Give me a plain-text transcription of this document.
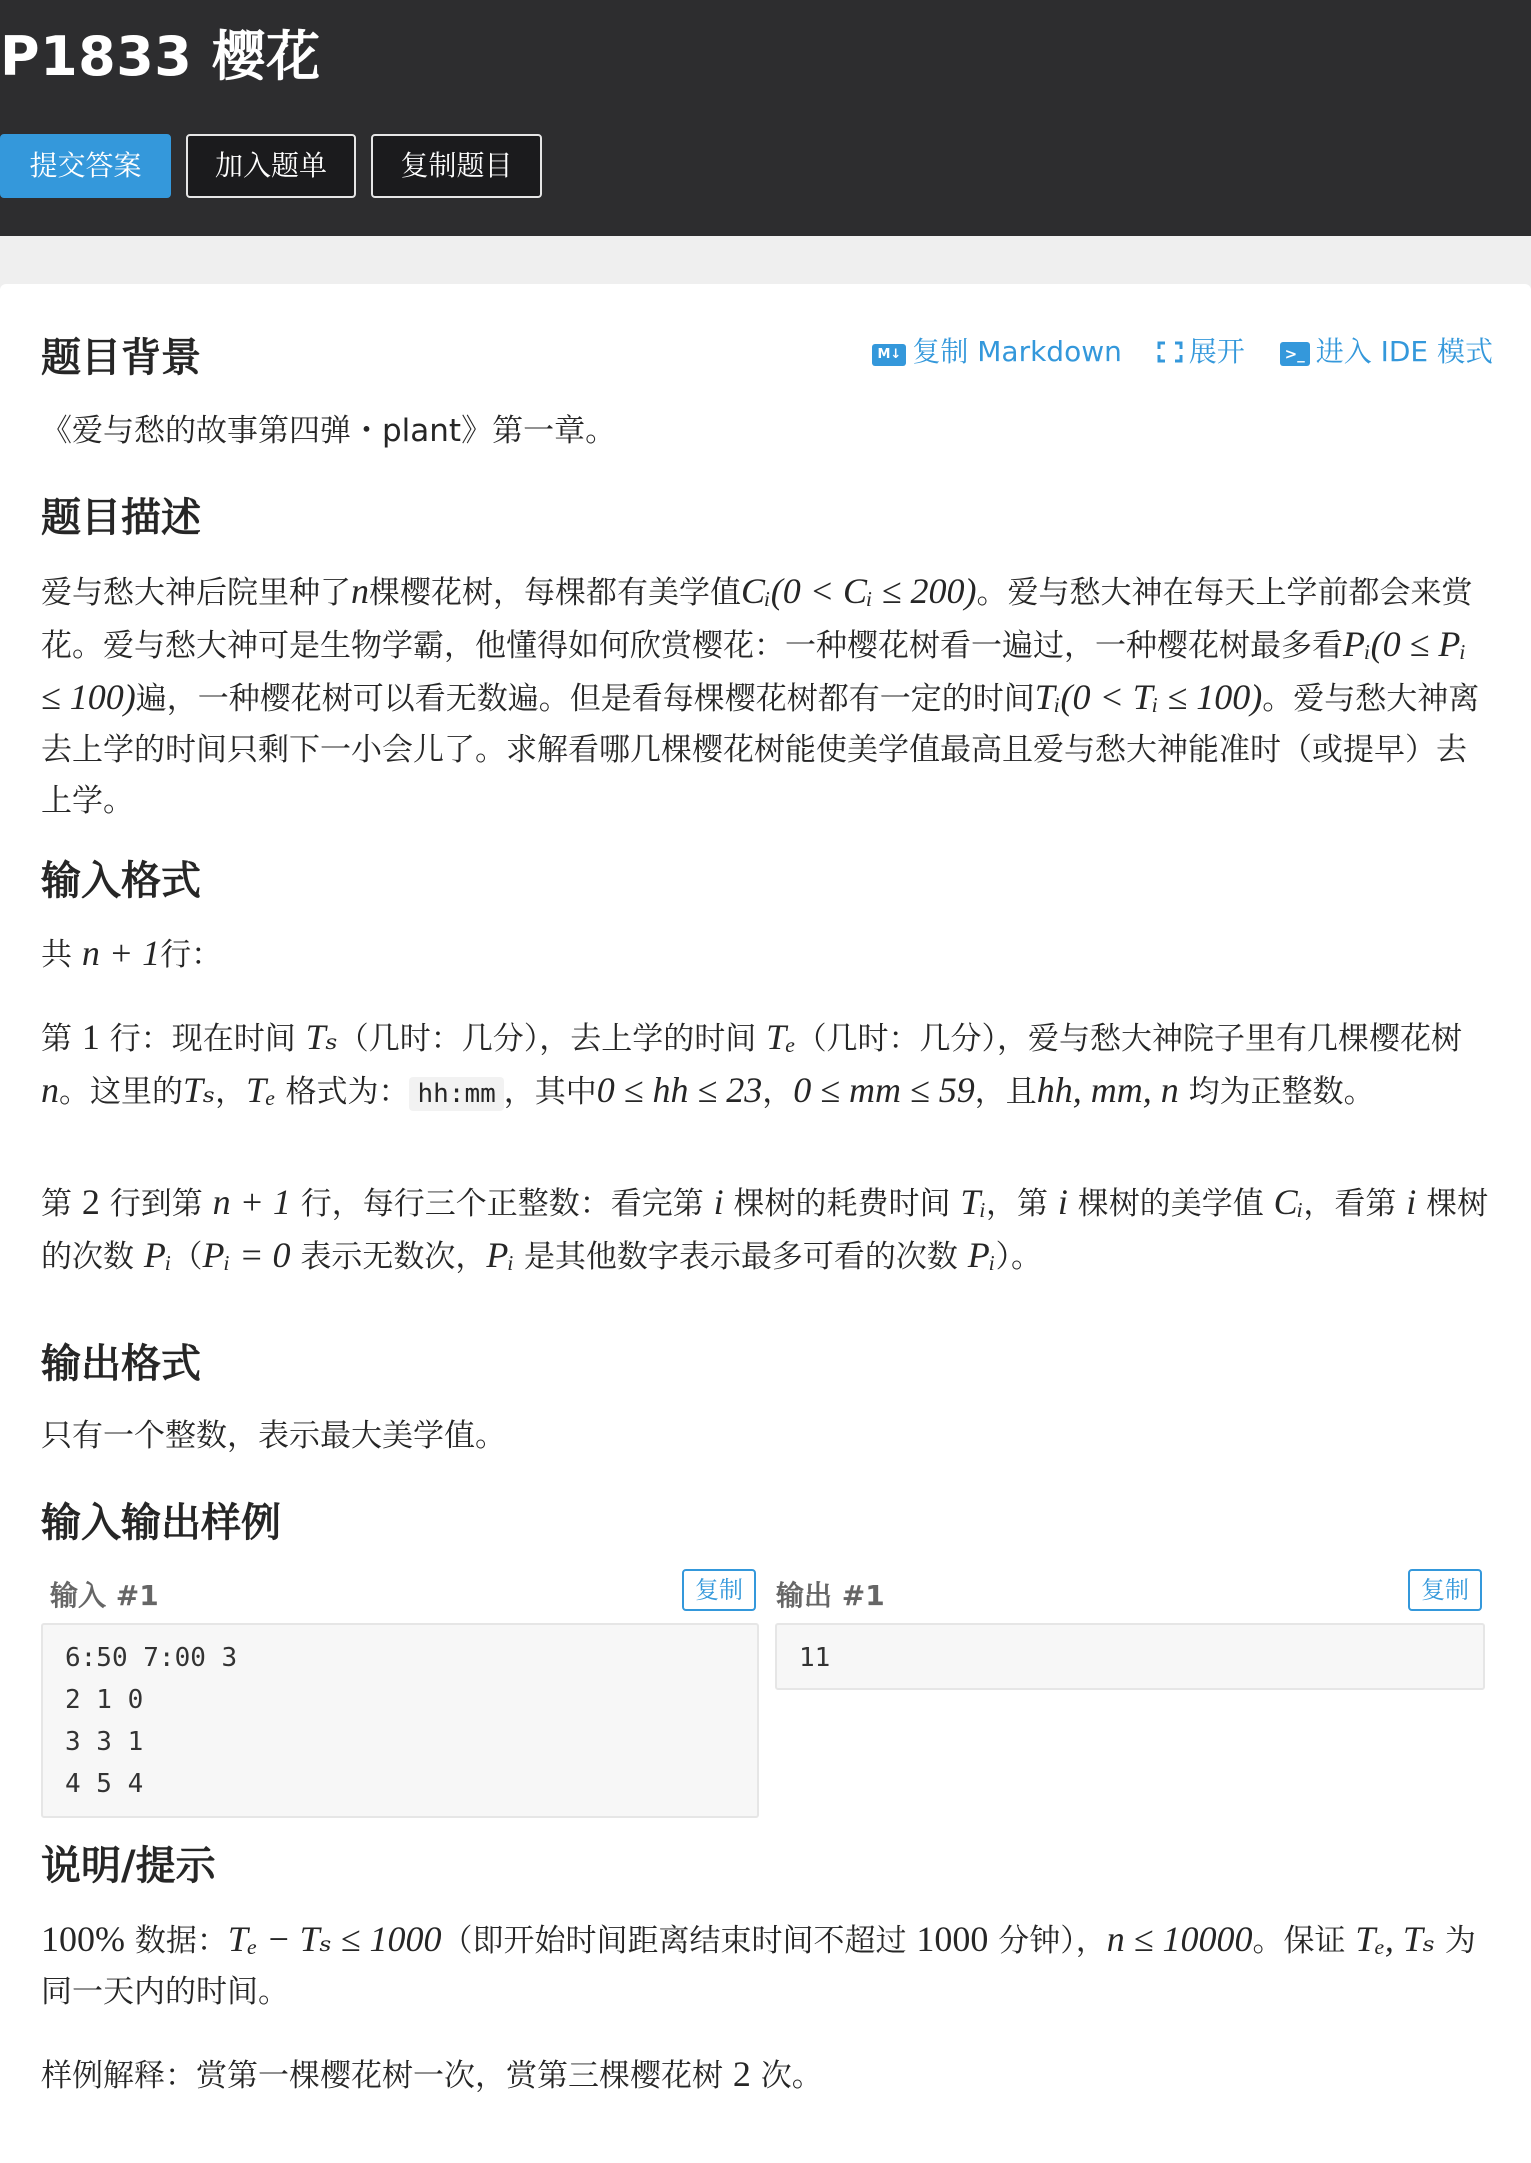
P1833 樱花
提交答案	加入题单	复制题目
M↓ 复制 Markdown 展开	>_ 进入 IDE 模式
题目背景

《爱与愁的故事第四弹・plant》第一章。

题目描述

爱与愁大神后院里种了n棵樱花树，每棵都有美学值Cᵢ(0 < Cᵢ ≤ 200)。爱与愁大神在每天上学前都会来赏花。爱与愁大神可是生物学霸，他懂得如何欣赏樱花：一种樱花树看一遍过，一种樱花树最多看Pᵢ(0 ≤ Pᵢ ≤ 100)遍，一种樱花树可以看无数遍。但是看每棵樱花树都有一定的时间Tᵢ(0 < Tᵢ ≤ 100)。爱与愁大神离去上学的时间只剩下一小会儿了。求解看哪几棵樱花树能使美学值最高且爱与愁大神能准时（或提早）去上学。

输入格式

共 n + 1行：

第 1 行：现在时间 Tₛ（几时：几分），去上学的时间 Tₑ（几时：几分），爱与愁大神院子里有几棵樱花树 n。这里的Tₛ，Tₑ 格式为： hh:mm ，其中0 ≤ hh ≤ 23，0 ≤ mm ≤ 59，且hh, mm, n 均为正整数。

第 2 行到第 n + 1 行，每行三个正整数：看完第 i 棵树的耗费时间 Tᵢ，第 i 棵树的美学值 Cᵢ，看第 i 棵树的次数 Pᵢ（Pᵢ = 0 表示无数次，Pᵢ 是其他数字表示最多可看的次数 Pᵢ）。

输出格式

只有一个整数，表示最大美学值。

输入输出样例
输入 #1	复制
6:50 7:00 3
2 1 0
3 3 1
4 5 4
输出 #1	复制
11
说明/提示

100% 数据：Tₑ − Tₛ ≤ 1000（即开始时间距离结束时间不超过 1000 分钟），n ≤ 10000。保证 Tₑ, Tₛ 为同一天内的时间。

样例解释：赏第一棵樱花树一次，赏第三棵樱花树 2 次。
